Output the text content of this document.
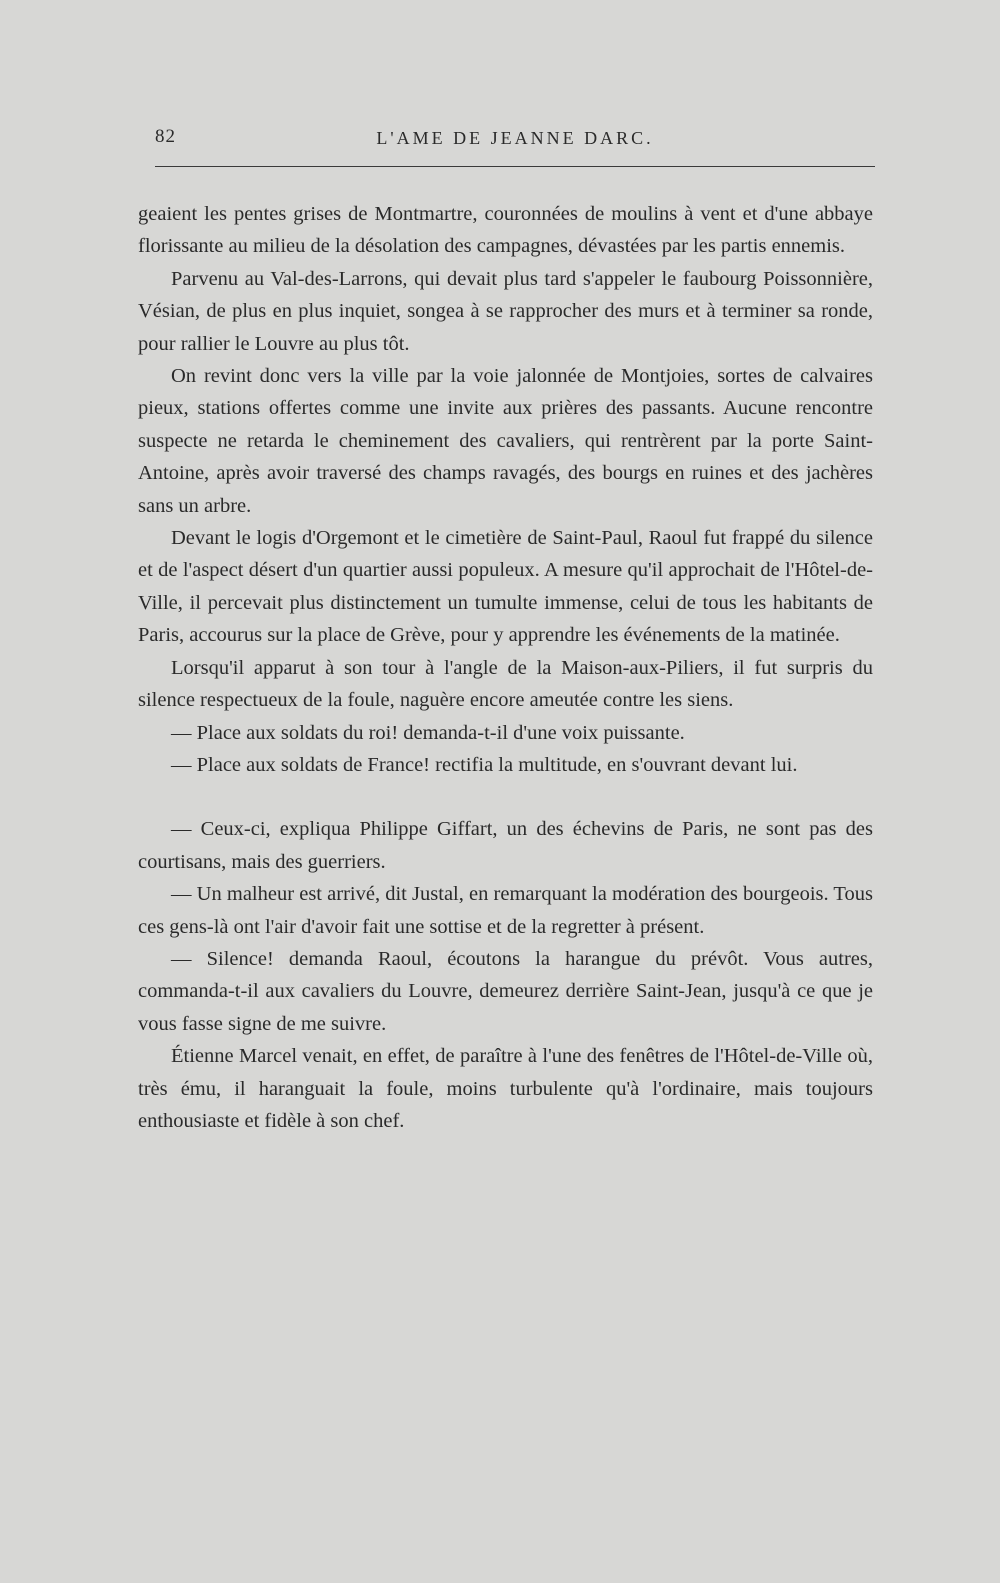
82	L'AME DE JEANNE DARC.

geaient les pentes grises de Montmartre, couronnées de moulins à vent et d'une abbaye florissante au milieu de la désolation des campagnes, dévastées par les partis ennemis.

Parvenu au Val-des-Larrons, qui devait plus tard s'appeler le faubourg Poissonnière, Vésian, de plus en plus inquiet, songea à se rapprocher des murs et à terminer sa ronde, pour rallier le Louvre au plus tôt.

On revint donc vers la ville par la voie jalonnée de Montjoies, sortes de calvaires pieux, stations offertes comme une invite aux prières des passants. Aucune rencontre suspecte ne retarda le cheminement des cavaliers, qui rentrèrent par la porte Saint-Antoine, après avoir traversé des champs ravagés, des bourgs en ruines et des jachères sans un arbre.

Devant le logis d'Orgemont et le cimetière de Saint-Paul, Raoul fut frappé du silence et de l'aspect désert d'un quartier aussi populeux. A mesure qu'il approchait de l'Hôtel-de-Ville, il percevait plus distinctement un tumulte immense, celui de tous les habitants de Paris, accourus sur la place de Grève, pour y apprendre les événements de la matinée.

Lorsqu'il apparut à son tour à l'angle de la Maison-aux-Piliers, il fut surpris du silence respectueux de la foule, naguère encore ameutée contre les siens.

— Place aux soldats du roi! demanda-t-il d'une voix puissante.

— Place aux soldats de France! rectifia la multitude, en s'ouvrant devant lui.

— Ceux-ci, expliqua Philippe Giffart, un des échevins de Paris, ne sont pas des courtisans, mais des guerriers.

— Un malheur est arrivé, dit Justal, en remarquant la modération des bourgeois. Tous ces gens-là ont l'air d'avoir fait une sottise et de la regretter à présent.

— Silence! demanda Raoul, écoutons la harangue du prévôt. Vous autres, commanda-t-il aux cavaliers du Louvre, demeurez derrière Saint-Jean, jusqu'à ce que je vous fasse signe de me suivre.

Étienne Marcel venait, en effet, de paraître à l'une des fenêtres de l'Hôtel-de-Ville où, très ému, il haranguait la foule, moins turbulente qu'à l'ordinaire, mais toujours enthousiaste et fidèle à son chef.
